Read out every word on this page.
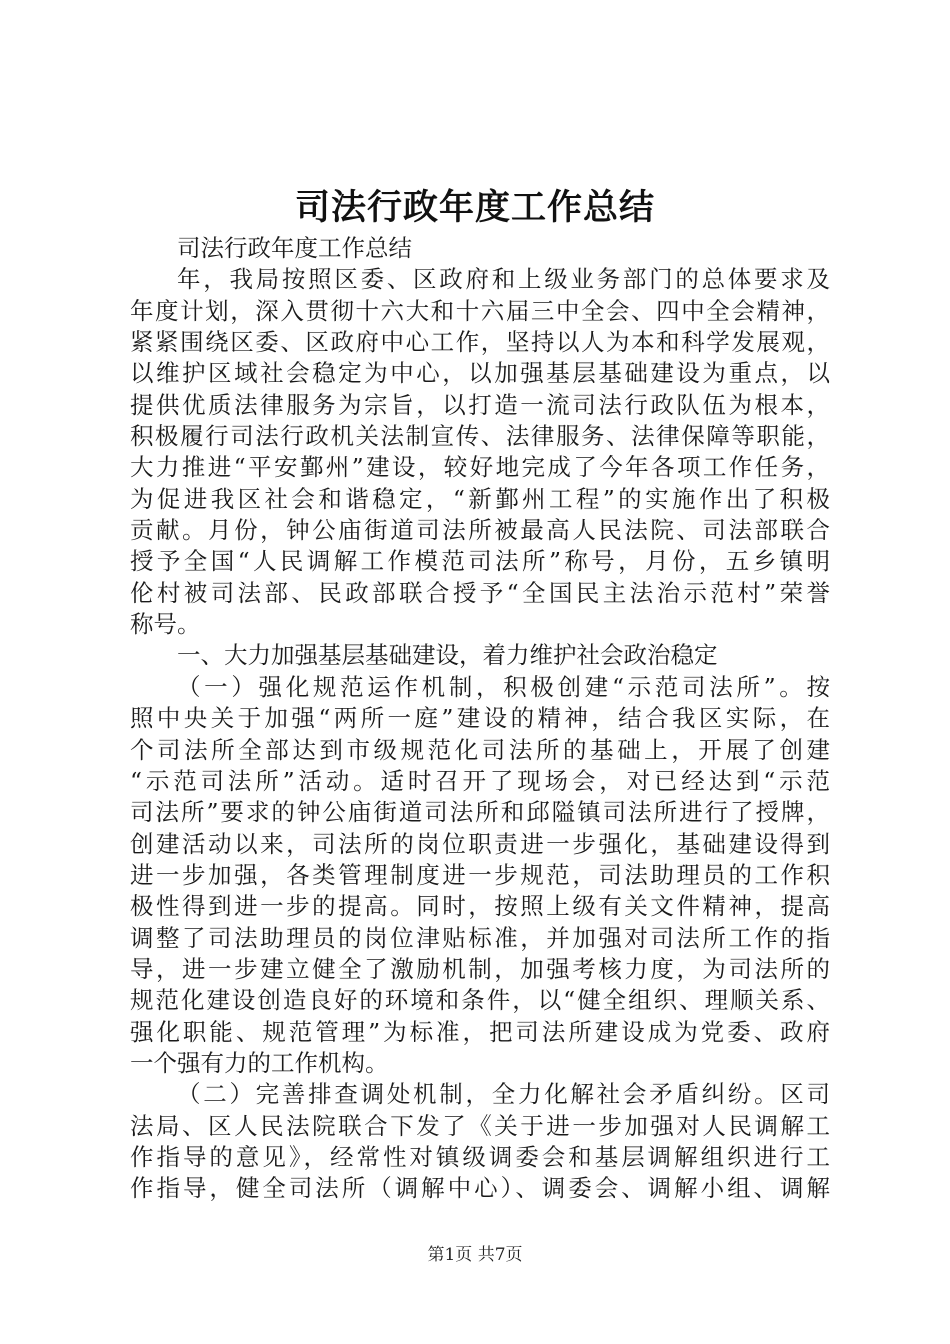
司法行政年度工作总结
司法行政年度工作总结
年，我局按照区委、区政府和上级业务部门的总体要求及
年度计划，深入贯彻十六大和十六届三中全会、四中全会精神，
紧紧围绕区委、区政府中心工作，坚持以人为本和科学发展观，
以维护区域社会稳定为中心，以加强基层基础建设为重点，以
提供优质法律服务为宗旨，以打造一流司法行政队伍为根本，
积极履行司法行政机关法制宣传、法律服务、法律保障等职能，
大力推进“平安鄞州”建设，较好地完成了今年各项工作任务，
为促进我区社会和谐稳定，“新鄞州工程”的实施作出了积极
贡献。月份，钟公庙街道司法所被最高人民法院、司法部联合
授予全国“人民调解工作模范司法所”称号，月份，五乡镇明
伦村被司法部、民政部联合授予“全国民主法治示范村”荣誉
称号。
一、大力加强基层基础建设，着力维护社会政治稳定
（一）强化规范运作机制，积极创建“示范司法所”。按
照中央关于加强“两所一庭”建设的精神，结合我区实际，在
个司法所全部达到市级规范化司法所的基础上，开展了创建
“示范司法所”活动。适时召开了现场会，对已经达到“示范
司法所”要求的钟公庙街道司法所和邱隘镇司法所进行了授牌，
创建活动以来，司法所的岗位职责进一步强化，基础建设得到
进一步加强，各类管理制度进一步规范，司法助理员的工作积
极性得到进一步的提高。同时，按照上级有关文件精神，提高
调整了司法助理员的岗位津贴标准，并加强对司法所工作的指
导，进一步建立健全了激励机制，加强考核力度，为司法所的
规范化建设创造良好的环境和条件，以“健全组织、理顺关系、
强化职能、规范管理”为标准，把司法所建设成为党委、政府
一个强有力的工作机构。
（二）完善排查调处机制，全力化解社会矛盾纠纷。区司
法局、区人民法院联合下发了《关于进一步加强对人民调解工
作指导的意见》，经常性对镇级调委会和基层调解组织进行工
作指导，健全司法所（调解中心）、调委会、调解小组、调解
第1页 共7页
